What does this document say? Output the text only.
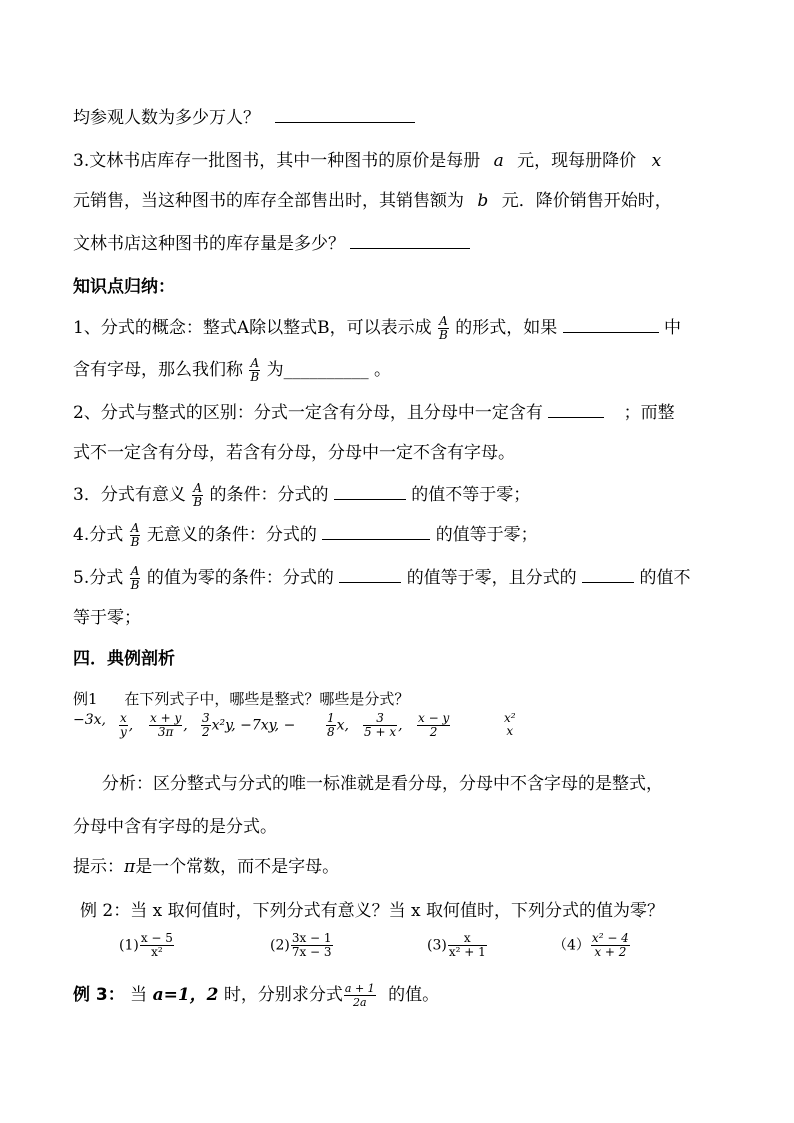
均参观人数为多少万人？
3.文林书店库存一批图书，其中一种图书的原价是每册 a 元，现每册降价 x
元销售，当这种图书的库存全部售出时，其销售额为 b 元．降价销售开始时，
文林书店这种图书的库存量是多少？
知识点归纳：
1、分式的概念：整式A除以整式B，可以表示成 $\frac{A}{B}$ 的形式，如果	中
含有字母，那么我们称 $\frac{A}{B}$ 为__________ 。
2、分式与整式的区别：分式一定含有分母，且分母中一定含有	；而整
式不一定含有分母，若含有分母，分母中一定不含有字母。
3．分式有意义 $\frac{A}{B}$ 的条件：分式的	的值不等于零；
4.分式 $\frac{A}{B}$ 无意义的条件：分式的	的值等于零；
5.分式 $\frac{A}{B}$ 的值为零的条件：分式的	的值等于零，且分式的	的值不
等于零；
四．典例剖析
例1 在下列式子中，哪些是整式？哪些是分式？
−3x, $\frac{x}{y}$ , $\frac{x + y}{3\pi}$ , $\frac{3}{2} x^2y$, −7xy, −	$\frac{1}{8} x$, $\frac{3}{5 + x}$ , $\frac{x - y}{2}$	x²
x
分析：区分整式与分式的唯一标准就是看分母，分母中不含字母的是整式，
分母中含有字母的是分式。
提示：π是一个常数，而不是字母。
例 2：当 x 取何值时，下列分式有意义？当 x 取何值时，下列分式的值为零？
$(1) \frac{x - 5}{\text{x²}}$	$(2) \frac{3x - 1}{7x - 3}$	$(3) \frac{x}{\text{x² + 1}}$	$(4) \frac{\text{x² − 4}}{x + 2}$
例 3： 当 a=1，2 时，分别求分式 $\frac{a + 1}{2a}$ 的值。
